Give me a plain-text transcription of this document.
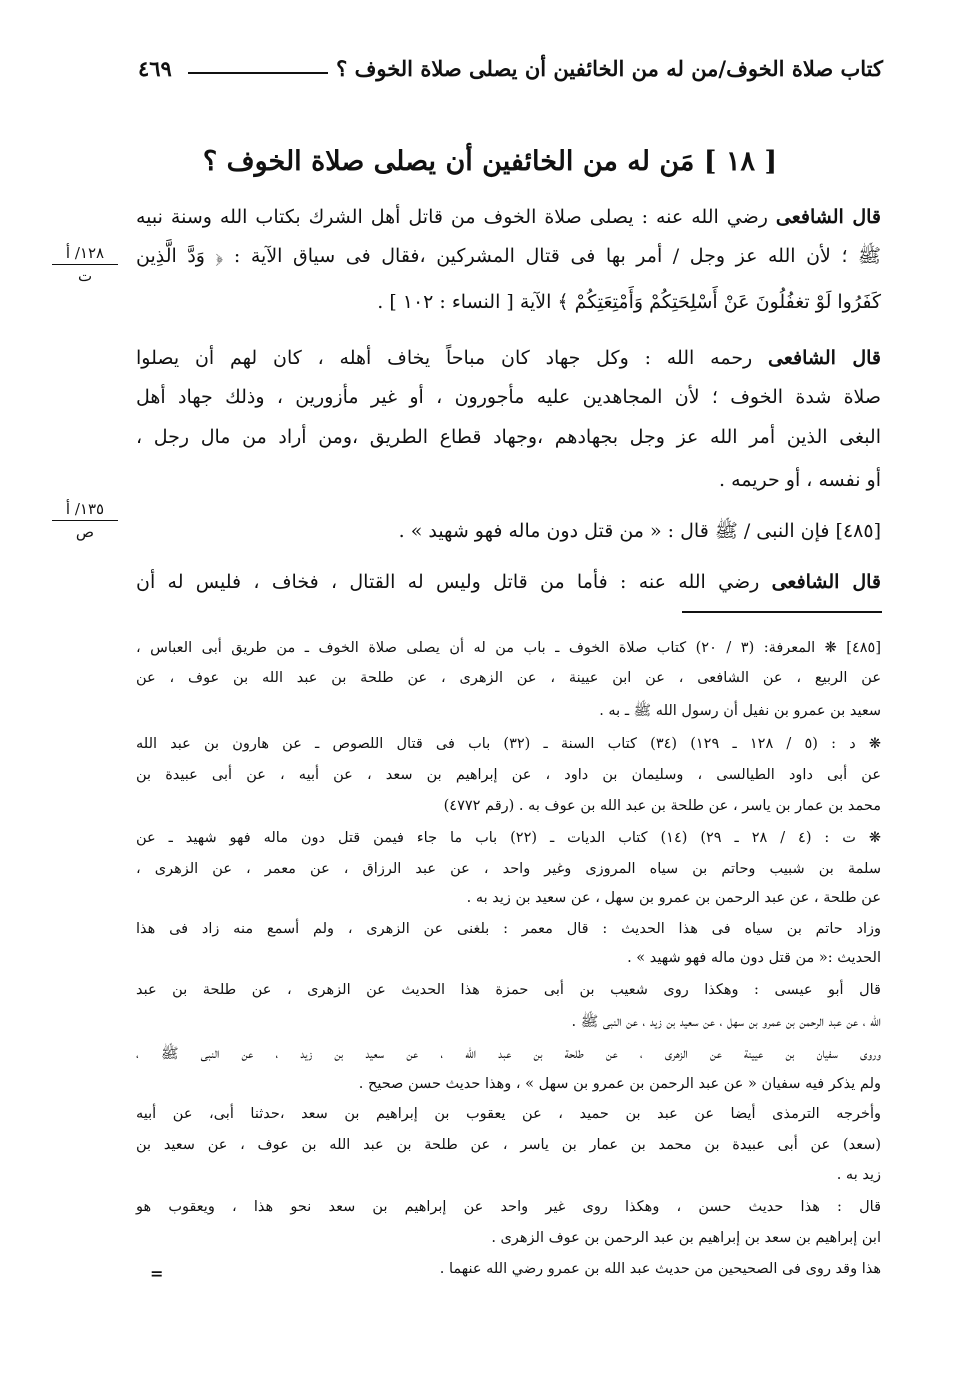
كتاب صلاة الخوف/من له من الخائفين أن يصلى صلاة الخوف ؟
٤٦٩
[ ١٨ ] مَن له من الخائفين أن يصلى صلاة الخوف ؟
قال الشافعى رضي الله عنه : يصلى صلاة الخوف من قاتل أهل الشرك بكتاب الله وسنة نبيه
ﷺ ؛ لأن الله عز وجل / أمر بها فى قتال المشركين ،فقال فى سياق الآية : ﴿ وَدَّ الَّذِين
كَفَرُوا لَوْ تغفُلُونَ عَنْ أَسْلِحَتِكُمْ وَأَمْتِعَتِكُمْ ﴾ الآية [ النساء : ١٠٢ ] .
قال الشافعى رحمه الله : وكل جهاد كان مباحاً يخاف أهله ، كان لهم أن يصلوا
صلاة شدة الخوف ؛ لأن المجاهدين عليه مأجورون ، أو غير مأزورين ، وذلك جهاد أهل
البغى الذين أمر الله عز وجل بجهادهم ،وجهاد قطاع الطريق ،ومن أراد من مال رجل ،
أو نفسه ، أو حريمه .
[٤٨٥] فإن النبى / ﷺ قال : « من قتل دون ماله فهو شهيد » .
قال الشافعى رضي الله عنه : فأما من قاتل وليس له القتال ، فخاف ، فليس له أن
١٢٨/ أ
ت
١٣٥/ أ
ص
[٤٨٥] ❋ المعرفة: (٣ / ٢٠) كتاب صلاة الخوف ـ باب من له أن يصلى صلاة الخوف ـ من طريق أبى العباس ،
عن الربيع ، عن الشافعى ، عن ابن عيينة ، عن الزهرى ، عن طلحة بن عبد الله بن عوف ، عن
سعيد بن عمرو بن نفيل أن رسول الله ﷺ ـ به .
❋ د : (٥ / ١٢٨ ـ ١٢٩) (٣٤) كتاب السنة ـ (٣٢) باب فى قتال اللصوص ـ عن هارون بن عبد الله
عن أبى داود الطيالسى ، وسليمان بن داود ، عن إبراهيم بن سعد ، عن أبيه ، عن أبى عبيدة بن
محمد بن عمار بن ياسر ، عن طلحة بن عبد الله بن عوف به . (رقم ٤٧٧٢)
❋ ت : (٤ / ٢٨ ـ ٢٩) (١٤) كتاب الديات ـ (٢٢) باب ما جاء فيمن قتل دون ماله فهو شهيد ـ عن
سلمة بن شبيب وحاتم بن سياه المروزى وغير واحد ، عن عبد الرزاق ، عن معمر ، عن الزهرى ،
عن طلحة ، عن عبد الرحمن بن عمرو بن سهل ، عن سعيد بن زيد به .
وزاد حاتم بن سياه فى هذا الحديث : قال معمر : بلغنى عن الزهرى ، ولم أسمع منه زاد فى هذا
الحديث :« من قتل دون ماله فهو شهيد » .
قال أبو عيسى : وهكذا روى شعيب بن أبى حمزة هذا الحديث عن الزهرى ، عن طلحة بن عبد
الله ، عن عبد الرحمن بن عمرو بن سهل ، عن سعيد بن زيد ، عن النبى ﷺ .
وروى سفيان بن عيينة عن الزهرى ، عن طلحة بن عبد الله ، عن سعيد بن زيد ، عن النبى ﷺ ،
ولم يذكر فيه سفيان « عن عبد الرحمن بن عمرو بن سهل » ، وهذا حديث حسن صحيح .
وأخرجه الترمذى أيضا عن عبد بن حميد ، عن يعقوب بن إبراهيم بن سعد ،حدثنا أبى، عن أبيه
(سعد) عن أبى عبيدة بن محمد بن عمار بن ياسر ، عن طلحة بن عبد الله بن عوف ، عن سعيد بن
زيد به .
قال : هذا حديث حسن ، وهكذا روى غير واحد عن إبراهيم بن سعد نحو هذا ، ويعقوب هو
ابن إبراهيم بن سعد بن إبراهيم بن عبد الرحمن بن عوف الزهرى .
هذا وقد روى فى الصحيحين من حديث عبد الله بن عمرو رضي الله عنهما .
=
